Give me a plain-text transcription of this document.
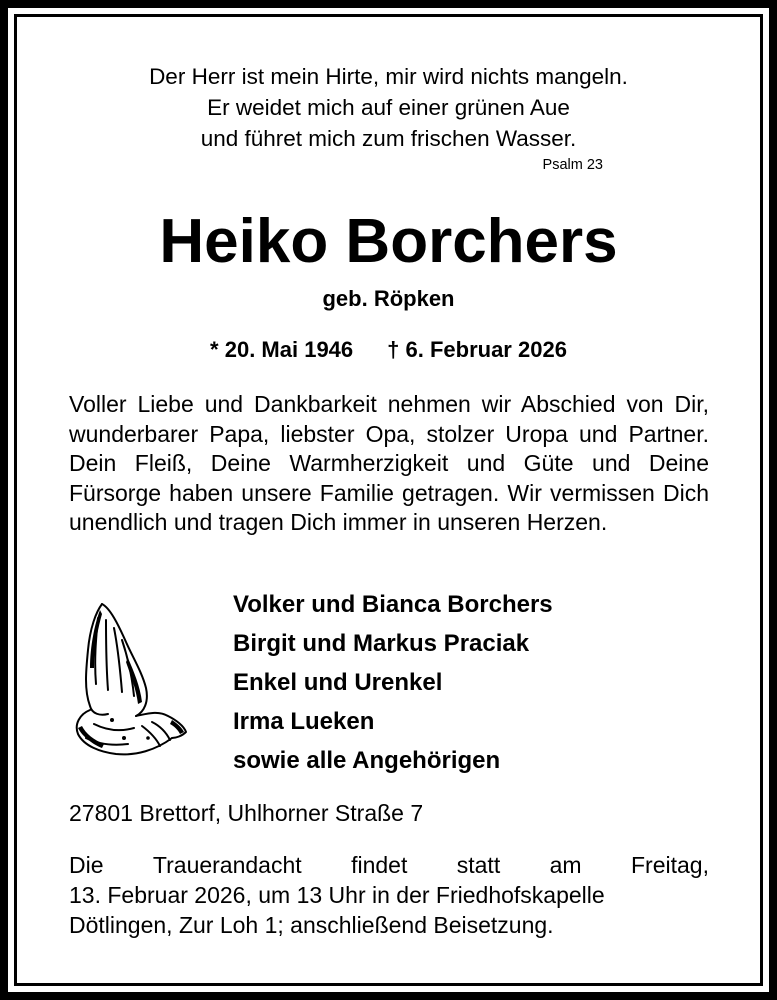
Der Herr ist mein Hirte, mir wird nichts mangeln.
Er weidet mich auf einer grünen Aue
und führet mich zum frischen Wasser.
Psalm 23
Heiko Borchers
geb. Röpken
* 20. Mai 1946 † 6. Februar 2026
Voller Liebe und Dankbarkeit nehmen wir Abschied von Dir, wunderbarer Papa, liebster Opa, stolzer Uropa und Partner. Dein Fleiß, Deine Warmherzigkeit und Güte und Deine Fürsorge haben unsere Familie getragen. Wir vermissen Dich unendlich und tragen Dich immer in unseren Herzen.
Volker und Bianca Borchers
Birgit und Markus Praciak
Enkel und Urenkel
Irma Lueken
sowie alle Angehörigen
27801 Brettorf, Uhlhorner Straße 7
Die Trauerandacht findet statt am Freitag,
13. Februar 2026, um 13 Uhr in der Friedhofskapelle
Dötlingen, Zur Loh 1; anschließend Beisetzung.
